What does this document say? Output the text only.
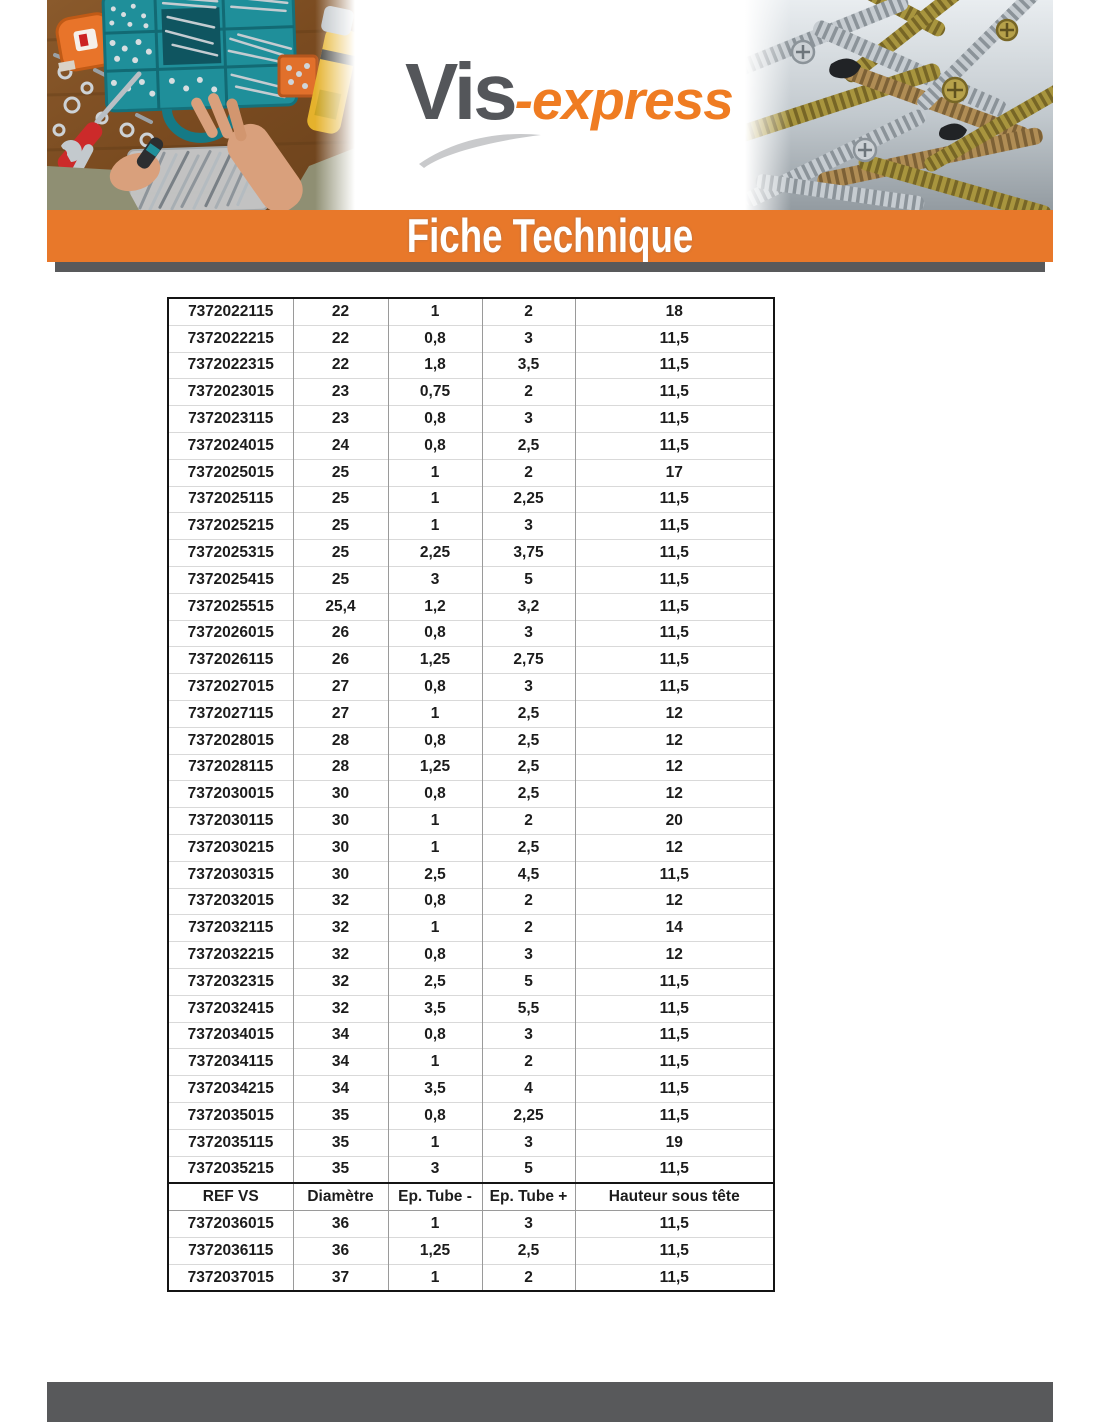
Vis -express
Fiche Technique
7372022115	22	1	2	18
7372022215	22	0,8	3	11,5
7372022315	22	1,8	3,5	11,5
7372023015	23	0,75	2	11,5
7372023115	23	0,8	3	11,5
7372024015	24	0,8	2,5	11,5
7372025015	25	1	2	17
7372025115	25	1	2,25	11,5
7372025215	25	1	3	11,5
7372025315	25	2,25	3,75	11,5
7372025415	25	3	5	11,5
7372025515	25,4	1,2	3,2	11,5
7372026015	26	0,8	3	11,5
7372026115	26	1,25	2,75	11,5
7372027015	27	0,8	3	11,5
7372027115	27	1	2,5	12
7372028015	28	0,8	2,5	12
7372028115	28	1,25	2,5	12
7372030015	30	0,8	2,5	12
7372030115	30	1	2	20
7372030215	30	1	2,5	12
7372030315	30	2,5	4,5	11,5
7372032015	32	0,8	2	12
7372032115	32	1	2	14
7372032215	32	0,8	3	12
7372032315	32	2,5	5	11,5
7372032415	32	3,5	5,5	11,5
7372034015	34	0,8	3	11,5
7372034115	34	1	2	11,5
7372034215	34	3,5	4	11,5
7372035015	35	0,8	2,25	11,5
7372035115	35	1	3	19
7372035215	35	3	5	11,5
REF VS	Diamètre	Ep. Tube -	Ep. Tube +	Hauteur sous tête
7372036015	36	1	3	11,5
7372036115	36	1,25	2,5	11,5
7372037015	37	1	2	11,5
